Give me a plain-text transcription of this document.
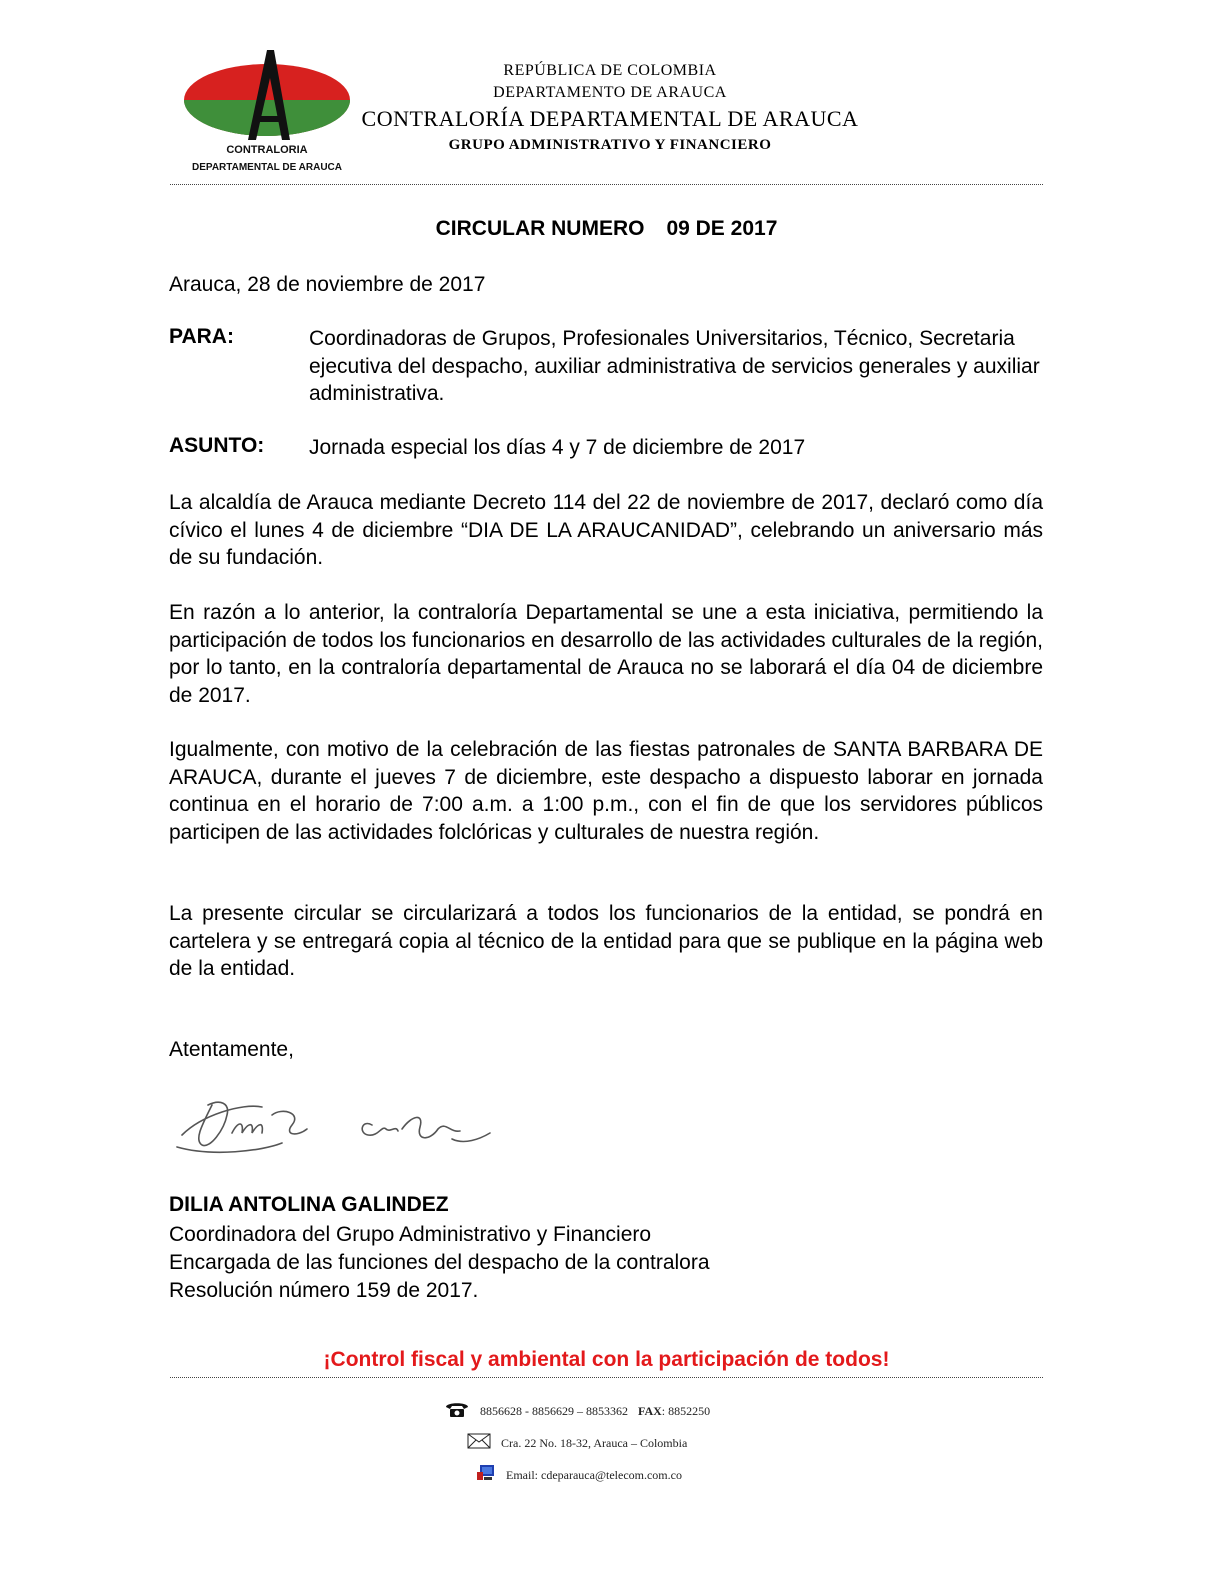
CONTRALORIA
DEPARTAMENTAL DE ARAUCA
REPÚBLICA DE COLOMBIA
DEPARTAMENTO DE ARAUCA
CONTRALORÍA DEPARTAMENTAL DE ARAUCA
GRUPO ADMINISTRATIVO Y FINANCIERO
CIRCULAR NUMERO 09 DE 2017
Arauca, 28 de noviembre de 2017
PARA:	Coordinadoras de Grupos, Profesionales Universitarios, Técnico, Secretaria ejecutiva del despacho, auxiliar administrativa de servicios generales y auxiliar administrativa.
ASUNTO: Jornada especial los días 4 y 7 de diciembre de 2017
La alcaldía de Arauca mediante Decreto 114 del 22 de noviembre de 2017, declaró como día cívico el lunes 4 de diciembre “DIA DE LA ARAUCANIDAD”, celebrando un aniversario más de su fundación.
En razón a lo anterior, la contraloría Departamental se une a esta iniciativa, permitiendo la participación de todos los funcionarios en desarrollo de las actividades culturales de la región, por lo tanto, en la contraloría departamental de Arauca no se laborará el día 04 de diciembre de 2017.
Igualmente, con motivo de la celebración de las fiestas patronales de SANTA BARBARA DE ARAUCA, durante el jueves 7 de diciembre, este despacho a dispuesto laborar en jornada continua en el horario de 7:00 a.m. a 1:00 p.m., con el fin de que los servidores públicos participen de las actividades folclóricas y culturales de nuestra región.
La presente circular se circularizará a todos los funcionarios de la entidad, se pondrá en cartelera y se entregará copia al técnico de la entidad para que se publique en la página web de la entidad.
Atentamente,
DILIA ANTOLINA GALINDEZ
Coordinadora del Grupo Administrativo y Financiero
Encargada de las funciones del despacho de la contralora
Resolución número 159 de 2017.
¡Control fiscal y ambiental con la participación de todos!
8856628 - 8856629 – 8853362 FAX : 8852250
Cra. 22 No. 18-32, Arauca – Colombia
Email: cdeparauca@telecom.com.co
